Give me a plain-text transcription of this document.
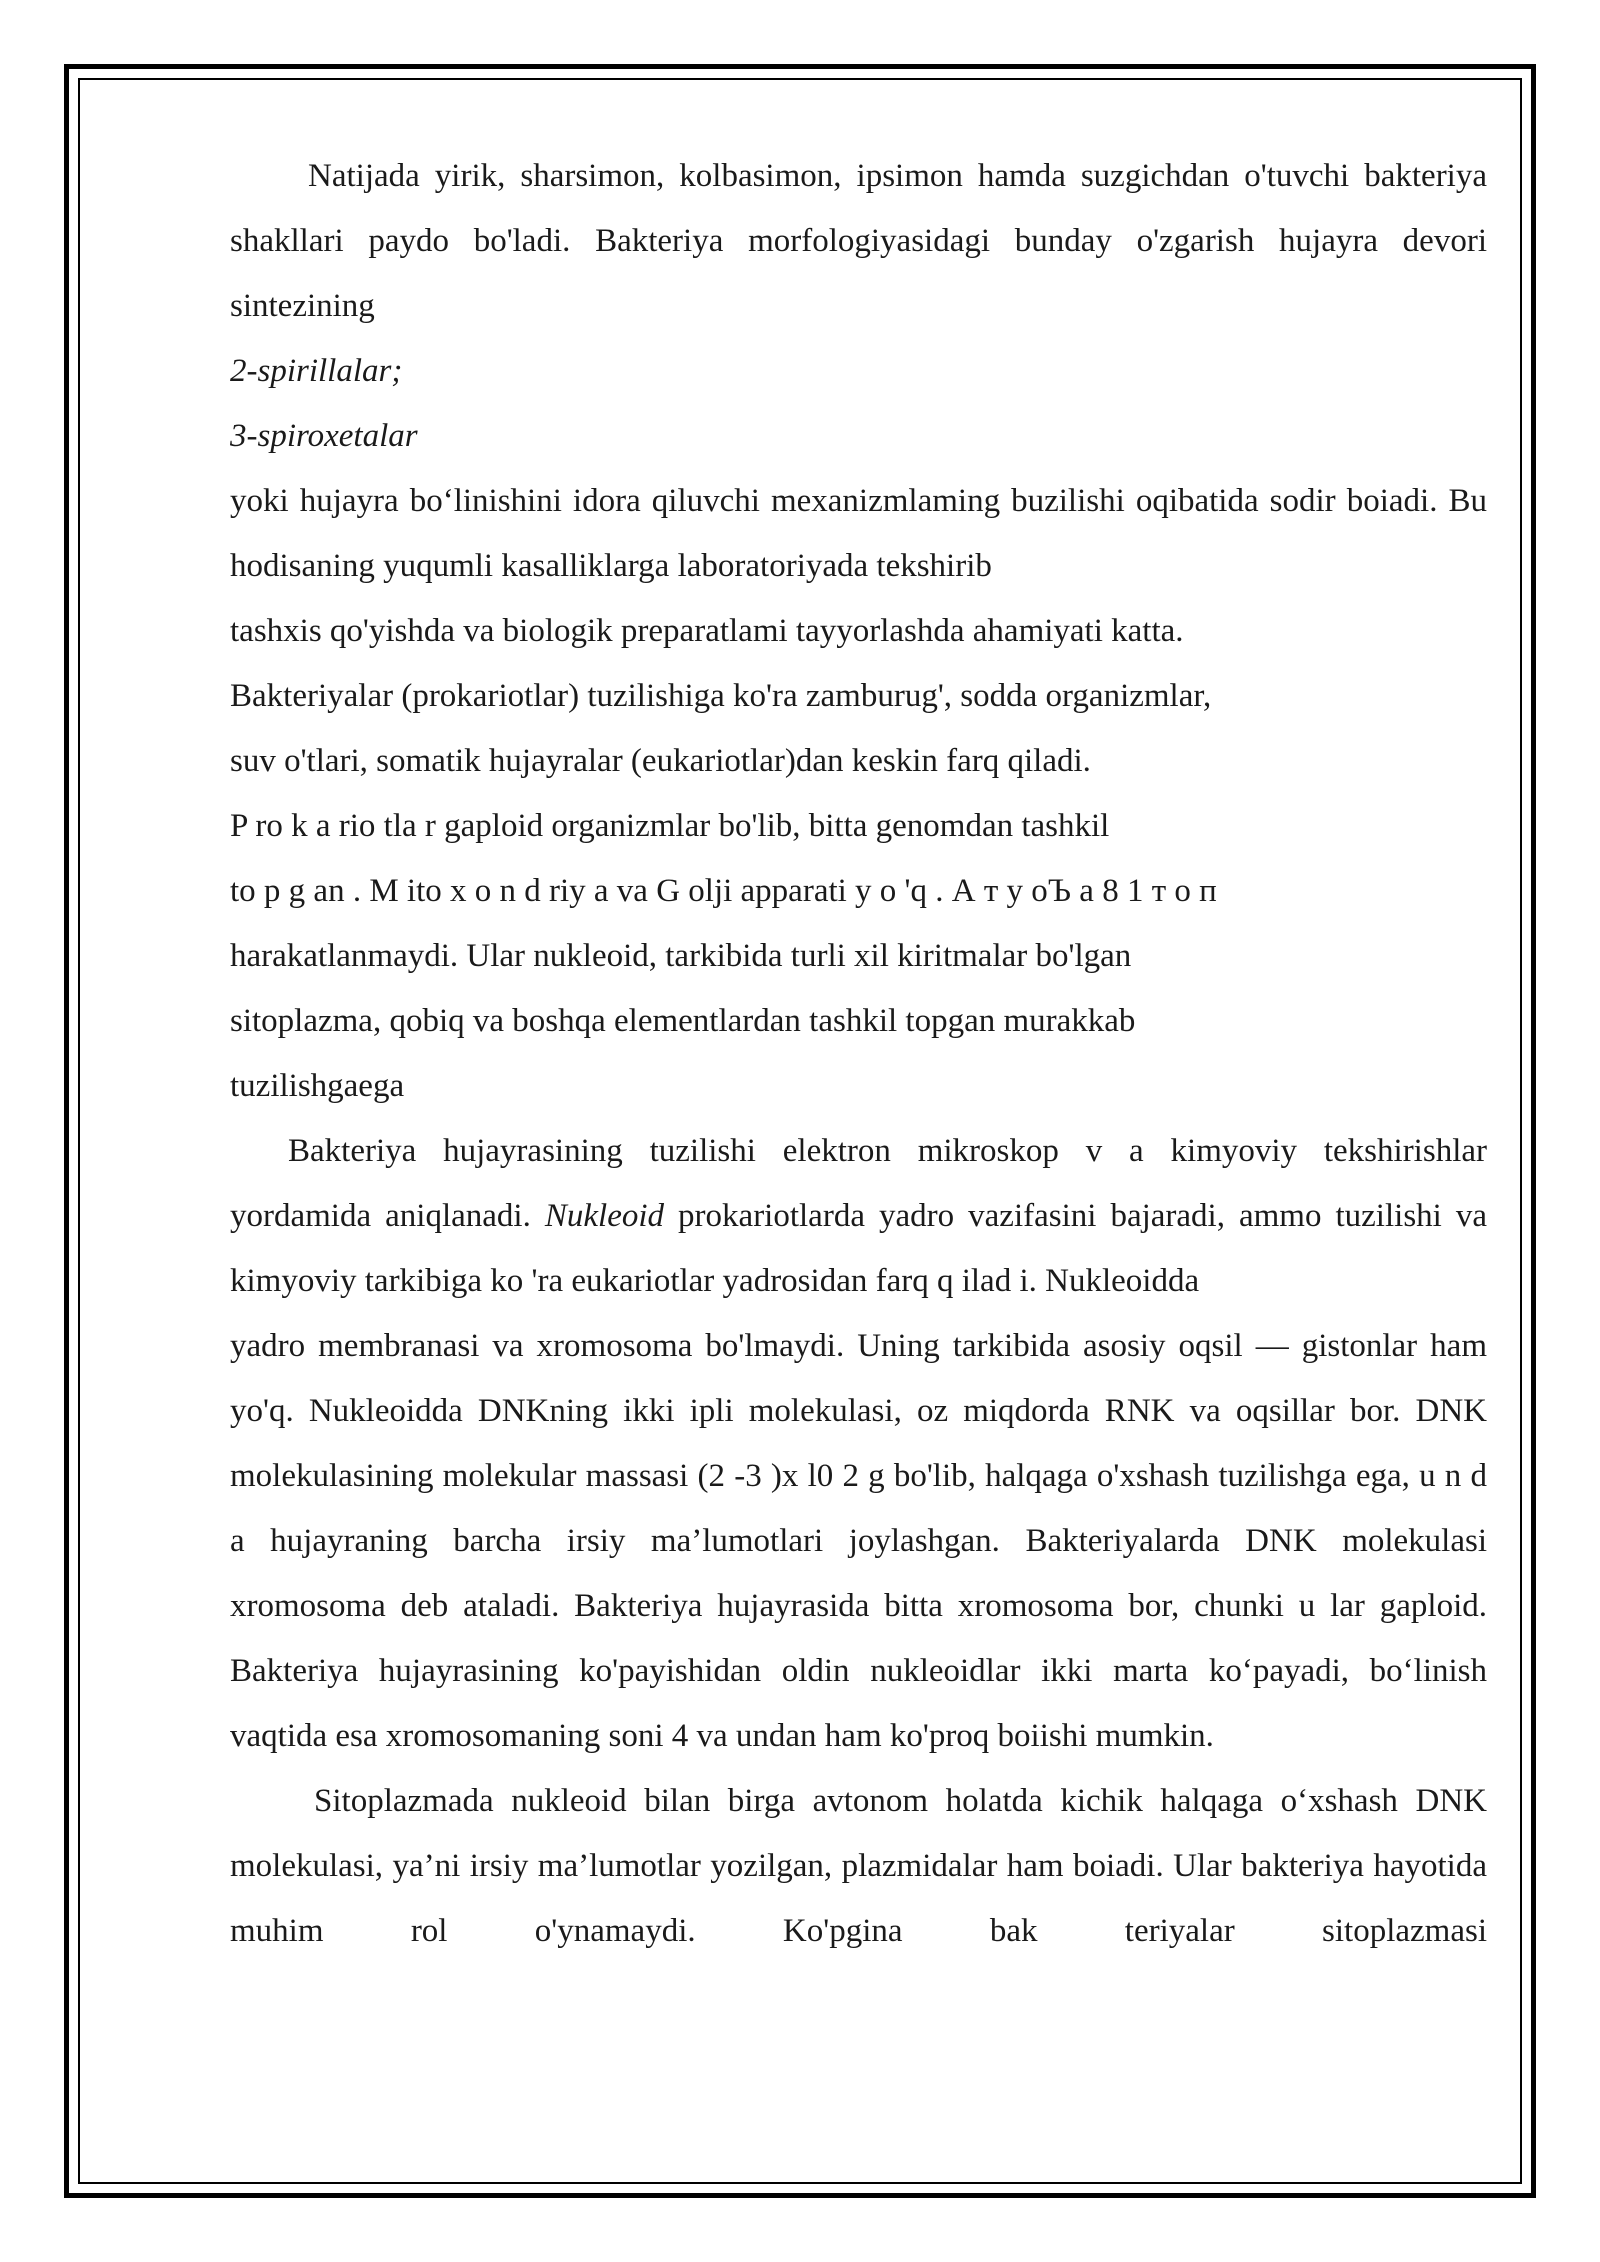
Natijada yirik, sharsimon, kolbasimon, ipsimon hamda suzgichdan o'tuvchi bakteriya shakllari paydo bo'ladi. Bakteriya morfologiyasidagi bunday o'zgarish hujayra devori sintezining

2-spirillalar;

3-spiroxetalar

yoki hujayra bo‘linishini idora qiluvchi mexanizmlaming buzilishi oqibatida sodir boiadi. Bu hodisaning yuqumli kasalliklarga laboratoriyada tekshirib

tashxis qo'yishda va biologik preparatlami tayyorlashda ahamiyati katta.

Bakteriyalar (prokariotlar) tuzilishiga ko'ra zamburug', sodda organizmlar,

suv o'tlari, somatik hujayralar (eukariotlar)dan keskin farq qiladi.

P ro k a rio tla r gaploid organizmlar bo'lib, bitta genomdan tashkil

to p g an . M ito x o n d riy a va G olji apparati y o 'q . А т у оЪ а 8 1 т о п

harakatlanmaydi. Ular nukleoid, tarkibida turli xil kiritmalar bo'lgan

sitoplazma, qobiq va boshqa elementlardan tashkil topgan murakkab

tuzilishgaega

Bakteriya hujayrasining tuzilishi elektron mikroskop v a kimyoviy tekshirishlar yordamida aniqlanadi. Nukleoid prokariotlarda yadro vazifasini bajaradi, ammo tuzilishi va kimyoviy tarkibiga ko 'ra eukariotlar yadrosidan farq q ilad i. Nukleoidda

yadro membranasi va xromosoma bo'lmaydi. Uning tarkibida asosiy oqsil — gistonlar ham yo'q. Nukleoidda DNKning ikki ipli molekulasi, oz miqdorda RNK va oqsillar bor. DNK molekulasining molekular massasi (2 -3 )x l0 2 g bo'lib, halqaga o'xshash tuzilishga ega, u n d a hujayraning barcha irsiy ma’lumotlari joylashgan. Bakteriyalarda DNK molekulasi xromosoma deb ataladi. Bakteriya hujayrasida bitta xromosoma bor, chunki u lar gaploid. Bakteriya hujayrasining ko'payishidan oldin nukleoidlar ikki marta ko‘payadi, bo‘linish vaqtida esa xromosomaning soni 4 va undan ham ko'proq boiishi mumkin.

Sitoplazmada nukleoid bilan birga avtonom holatda kichik halqaga o‘xshash DNK molekulasi, ya’ni irsiy ma’lumotlar yozilgan, plazmidalar ham boiadi. Ular bakteriya hayotida muhim rol o'ynamaydi. Ko'pgina bak teriyalar sitoplazmasi
